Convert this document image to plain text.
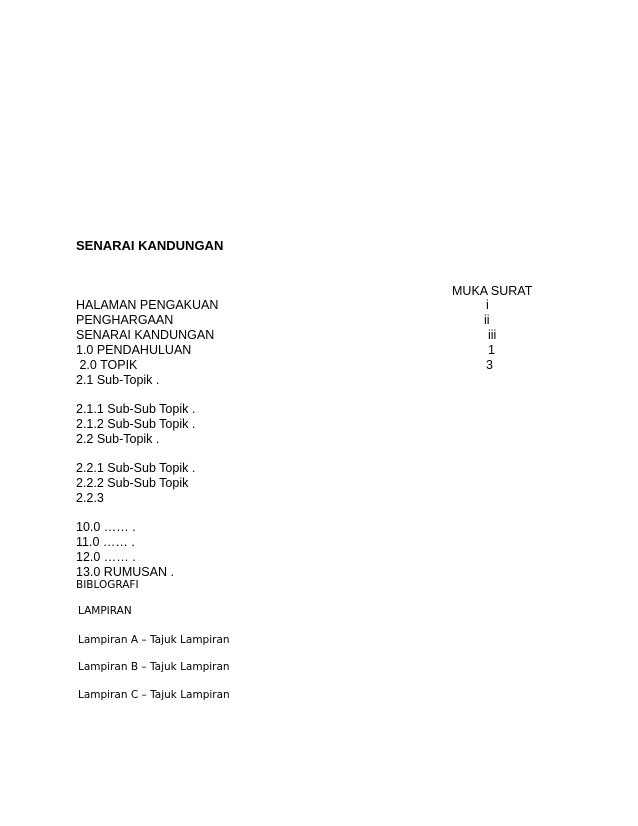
SENARAI KANDUNGAN
MUKA SURAT
HALAMAN PENGAKUAN	i
PENGHARGAAN	ii
SENARAI KANDUNGAN	iii
1.0 PENDAHULUAN	1
2.0 TOPIK	3
2.1 Sub-Topik .
2.1.1 Sub-Sub Topik .
2.1.2 Sub-Sub Topik .
2.2 Sub-Topik .
2.2.1 Sub-Sub Topik .
2.2.2 Sub-Sub Topik
2.2.3
10.0 …… .
11.0 …… .
12.0 …… .
13.0 RUMUSAN .
BIBLOGRAFI
LAMPIRAN
Lampiran A – Tajuk Lampiran
Lampiran B – Tajuk Lampiran
Lampiran C – Tajuk Lampiran
